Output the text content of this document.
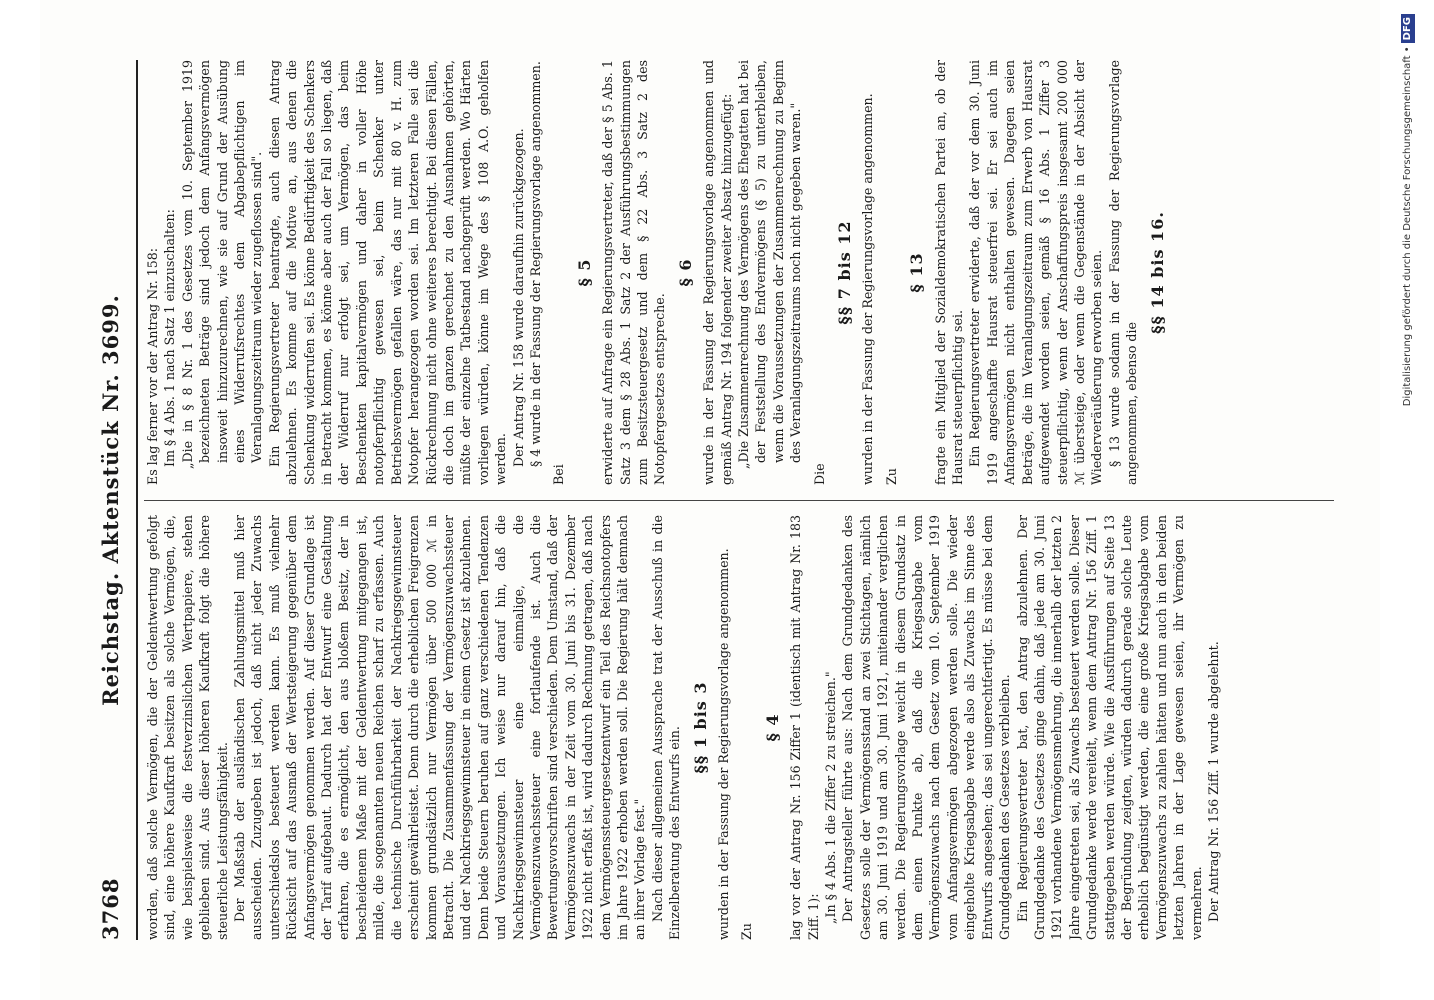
3768
Reichstag. Aktenstück Nr. 3699.

worden, daß solche Vermögen, die der Geldentwertung gefolgt sind, eine höhere Kaufkraft besitzen als solche Vermögen, die, wie beispielsweise die festverzinslichen Wertpapiere, stehen geblieben sind. Aus dieser höheren Kaufkraft folgt die höhere steuerliche Leistungsfähigkeit. Der Maßstab der ausländischen Zahlungsmittel muß hier ausscheiden. Zuzugeben ist jedoch, daß nicht jeder Zuwachs unterschiedslos besteuert werden kann. Es muß vielmehr Rücksicht auf das Ausmaß der Wertsteigerung gegenüber dem Anfangsvermögen genommen werden. Auf dieser Grundlage ist der Tarif aufgebaut. Dadurch hat der Entwurf eine Gestaltung erfahren, die es ermöglicht, den aus bloßem Besitz, der in bescheidenem Maße mit der Geldentwertung mitgegangen ist, milde, die sogenannten neuen Reichen scharf zu erfassen. Auch die technische Durchführbarkeit der Nachkriegsgewinnsteuer erscheint gewährleistet. Denn durch die erheblichen Freigrenzen kommen grundsätzlich nur Vermögen über 500 000 ℳ in Betracht. Die Zusammenfassung der Vermögenszuwachssteuer und der Nachkriegsgewinnsteuer in einem Gesetz ist abzulehnen. Denn beide Steuern beruhen auf ganz verschiedenen Tendenzen und Voraussetzungen. Ich weise nur darauf hin, daß die Nachkriegsgewinnsteuer eine einmalige, die Vermögenszuwachssteuer eine fortlaufende ist. Auch die Bewertungsvorschriften sind verschieden. Dem Umstand, daß der Vermögenszuwachs in der Zeit vom 30. Juni bis 31. Dezember 1922 nicht erfaßt ist, wird dadurch Rechnung getragen, daß nach dem Vermögenssteuergesetzentwurf ein Teil des Reichsnotopfers im Jahre 1922 erhoben werden soll. Die Regierung hält demnach an ihrer Vorlage fest." Nach dieser allgemeinen Aussprache trat der Ausschuß in die Einzelberatung des Entwurfs ein. §§ 1 bis 3 wurden in der Fassung der Regierungsvorlage angenommen. Zu

§ 4 lag vor der Antrag Nr. 156 Ziffer 1 (identisch mit Antrag Nr. 183 Ziff. 1): „In § 4 Abs. 1 die Ziffer 2 zu streichen." Der Antragsteller führte aus: Nach dem Grundgedanken des Gesetzes solle der Vermögensstand an zwei Stichtagen, nämlich am 30. Juni 1919 und am 30. Juni 1921, miteinander verglichen werden. Die Regierungsvorlage weicht in diesem Grundsatz in dem einen Punkte ab, daß die Kriegsabgabe vom Vermögenszuwachs nach dem Gesetz vom 10. September 1919 vom Anfangsvermögen abgezogen werden solle. Die wieder eingeholte Kriegsabgabe werde also als Zuwachs im Sinne des Entwurfs angesehen; das sei ungerechtfertigt. Es müsse bei dem Grundgedanken des Gesetzes verbleiben. Ein Regierungsvertreter bat, den Antrag abzulehnen. Der Grundgedanke des Gesetzes ginge dahin, daß jede am 30. Juni 1921 vorhandene Vermögensmehrung, die innerhalb der letzten 2 Jahre eingetreten sei, als Zuwachs besteuert werden solle. Dieser Grundgedanke werde vereitelt, wenn dem Antrag Nr. 156 Ziff. 1 stattgegeben werden würde. Wie die Ausführungen auf Seite 13 der Begründung zeigten, würden dadurch gerade solche Leute erheblich begünstigt werden, die eine große Kriegsabgabe vom Vermögenszuwachs zu zahlen hätten und nun auch in den beiden letzten Jahren in der Lage gewesen seien, ihr Vermögen zu vermehren. Der Antrag Nr. 156 Ziff. 1 wurde abgelehnt.

Es lag ferner vor der Antrag Nr. 158: Im § 4 Abs. 1 nach Satz 1 einzuschalten: „Die in § 8 Nr. 1 des Gesetzes vom 10. September 1919 bezeichneten Beträge sind jedoch dem Anfangsvermögen insoweit hinzuzurechnen, wie sie auf Grund der Ausübung eines Widerrufsrechtes dem Abgabepflichtigen im Veranlagungszeitraum wieder zugeflossen sind". Ein Regierungsvertreter beantragte, auch diesen Antrag abzulehnen. Es komme auf die Motive an, aus denen die Schenkung widerrufen sei. Es könne Bedürftigkeit des Schenkers in Betracht kommen, es könne aber auch der Fall so liegen, daß der Widerruf nur erfolgt sei, um Vermögen, das beim Beschenkten kapitalvermögen und daher in voller Höhe notopferpflichtig gewesen sei, beim Schenker unter Betriebsvermögen gefallen wäre, das nur mit 80 v. H. zum Notopfer herangezogen worden sei. Im letzteren Falle sei die Rückrechnung nicht ohne weiteres berechtigt. Bei diesen Fällen, die doch im ganzen gerechnet zu den Ausnahmen gehörten, müßte der einzelne Tatbestand nachgeprüft werden. Wo Härten vorliegen würden, könne im Wege des § 108 A.O. geholfen werden. Der Antrag Nr. 158 wurde daraufhin zurückgezogen. § 4 wurde in der Fassung der Regierungsvorlage angenommen.

Bei

§ 5 erwiderte auf Anfrage ein Regierungsvertreter, daß der § 5 Abs. 1 Satz 3 dem § 28 Abs. 1 Satz 2 der Ausführungsbestimmungen zum Besitzsteuergesetz und dem § 22 Abs. 3 Satz 2 des Notopfergesetzes entspreche.

§ 6 wurde in der Fassung der Regierungsvorlage angenommen und gemäß Antrag Nr. 194 folgender zweiter Absatz hinzugefügt: „Die Zusammenrechnung des Vermögens des Ehegatten hat bei der Feststellung des Endvermögens (§ 5) zu unterbleiben, wenn die Voraussetzungen der Zusammenrechnung zu Beginn des Veranlagungszeitraums noch nicht gegeben waren."

Die

§§ 7 bis 12 wurden in der Fassung der Regierungsvorlage angenommen. Zu

§ 13 fragte ein Mitglied der Sozialdemokratischen Partei an, ob der Hausrat steuerpflichtig sei. Ein Regierungsvertreter erwiderte, daß der vor dem 30. Juni 1919 angeschaffte Hausrat steuerfrei sei. Er sei auch im Anfangsvermögen nicht enthalten gewesen. Dagegen seien Beträge, die im Veranlagungszeitraum zum Erwerb von Hausrat aufgewendet worden seien, gemäß § 16 Abs. 1 Ziffer 3 steuerpflichtig, wenn der Anschaffungspreis insgesamt 200 000 ℳ übersteige, oder wenn die Gegenstände in der Absicht der Wiederveräußerung erworben seien. § 13 wurde sodann in der Fassung der Regierungsvorlage angenommen, ebenso die

§§ 14 bis 16.	Digitalisierung gefördert durch die Deutsche Forschungsgemeinschaft •DFG
